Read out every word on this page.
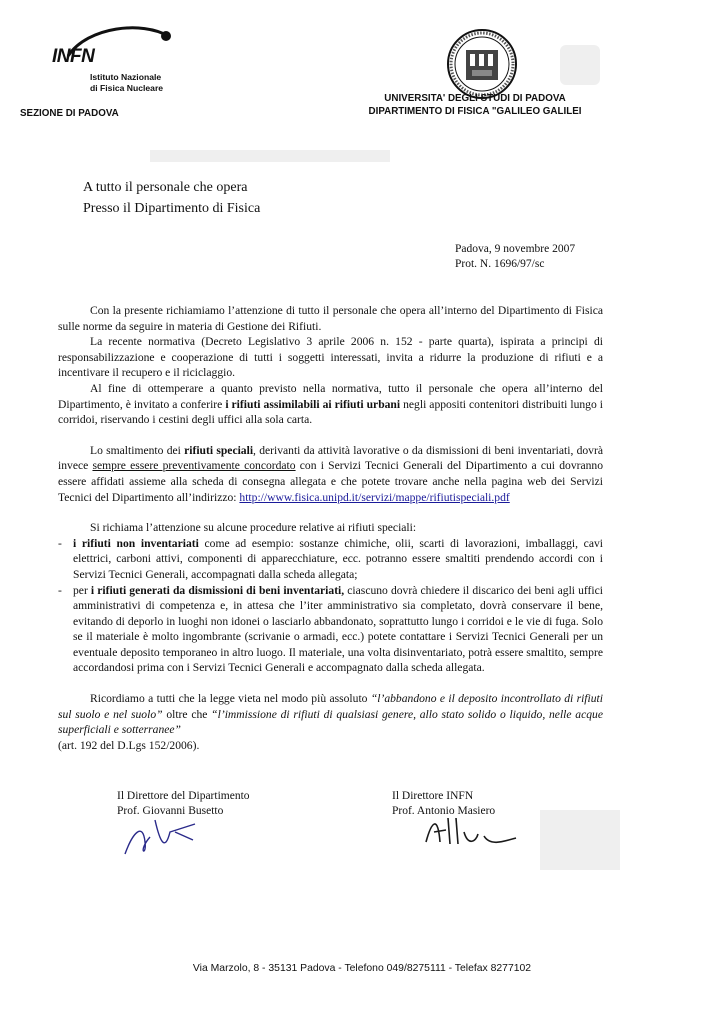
INFN
Istituto Nazionale
di Fisica Nucleare
SEZIONE DI PADOVA
UNIVERSITA' DEGLI STUDI DI PADOVA
DIPARTIMENTO DI FISICA "GALILEO GALILEI
A tutto il personale che opera
Presso il Dipartimento di Fisica
Padova, 9 novembre 2007
Prot. N. 1696/97/sc

Con la presente richiamiamo l’attenzione di tutto il personale che opera all’interno del Dipartimento di Fisica sulle norme da seguire in materia di Gestione dei Rifiuti.

La recente normativa (Decreto Legislativo 3 aprile 2006 n. 152 - parte quarta), ispirata a principi di responsabilizzazione e cooperazione di tutti i soggetti interessati, invita a ridurre la produzione di rifiuti e a incentivare il recupero e il riciclaggio.

Al fine di ottemperare a quanto previsto nella normativa, tutto il personale che opera all’interno del Dipartimento, è invitato a conferire i rifiuti assimilabili ai rifiuti urbani negli appositi contenitori distribuiti lungo i corridoi, riservando i cestini degli uffici alla sola carta.

Lo smaltimento dei rifiuti speciali, derivanti da attività lavorative o da dismissioni di beni inventariati, dovrà invece sempre essere preventivamente concordato con i Servizi Tecnici Generali del Dipartimento a cui dovranno essere affidati assieme alla scheda di consegna allegata e che potete trovare anche nella pagina web dei Servizi Tecnici del Dipartimento all’indirizzo: http://www.fisica.unipd.it/servizi/mappe/rifiutispeciali.pdf

Si richiama l’attenzione su alcune procedure relative ai rifiuti speciali:

- i rifiuti non inventariati come ad esempio: sostanze chimiche, olii, scarti di lavorazioni, imballaggi, cavi elettrici, carboni attivi, componenti di apparecchiature, ecc. potranno essere smaltiti prendendo accordi con i Servizi Tecnici Generali, accompagnati dalla scheda allegata;

- per i rifiuti generati da dismissioni di beni inventariati, ciascuno dovrà chiedere il discarico dei beni agli uffici amministrativi di competenza e, in attesa che l’iter amministrativo sia completato, dovrà conservare il bene, evitando di deporlo in luoghi non idonei o lasciarlo abbandonato, soprattutto lungo i corridoi e le vie di fuga. Solo se il materiale è molto ingombrante (scrivanie o armadi, ecc.) potete contattare i Servizi Tecnici Generali per un eventuale deposito temporaneo in altro luogo. Il materiale, una volta disinventariato, potrà essere smaltito, sempre accordandosi prima con i Servizi Tecnici Generali e accompagnato dalla scheda allegata.

Ricordiamo a tutti che la legge vieta nel modo più assoluto “l’abbandono e il deposito incontrollato di rifiuti sul suolo e nel suolo” oltre che “l’immissione di rifiuti di qualsiasi genere, allo stato solido o liquido, nelle acque superficiali e sotterranee”

(art. 192 del D.Lgs 152/2006).

Il Direttore del Dipartimento
Prof. Giovanni Busetto
Il Direttore INFN
Prof. Antonio Masiero
Via Marzolo, 8 - 35131 Padova - Telefono 049/8275111 - Telefax 8277102
